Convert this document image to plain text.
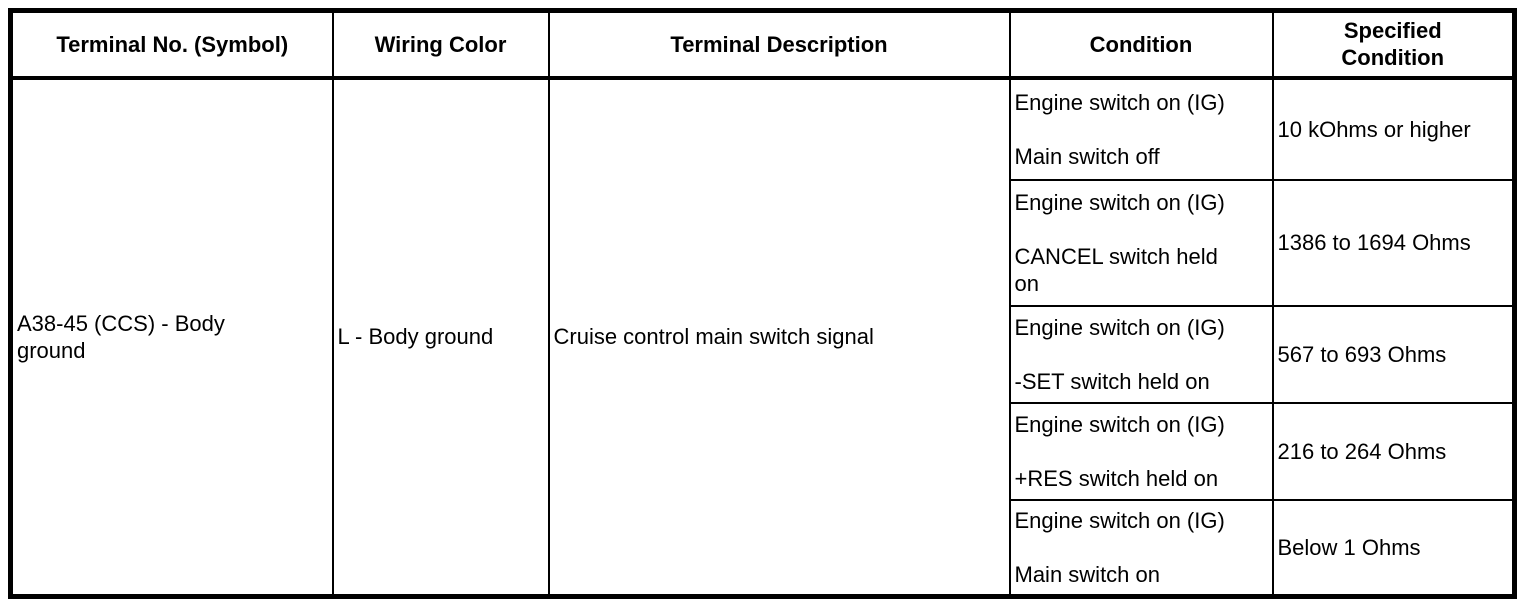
Terminal No. (Symbol)	Wiring Color	Terminal Description	Condition	Specified Condition

A38-45 (CCS) - Body ground	L - Body ground	Cruise control main switch signal	Engine switch on (IG)
Main switch off	10 kOhms or higher

			Engine switch on (IG)
CANCEL switch held on	1386 to 1694 Ohms

			Engine switch on (IG)
-SET switch held on	567 to 693 Ohms

			Engine switch on (IG)
+RES switch held on	216 to 264 Ohms

			Engine switch on (IG)
Main switch on	Below 1 Ohms
